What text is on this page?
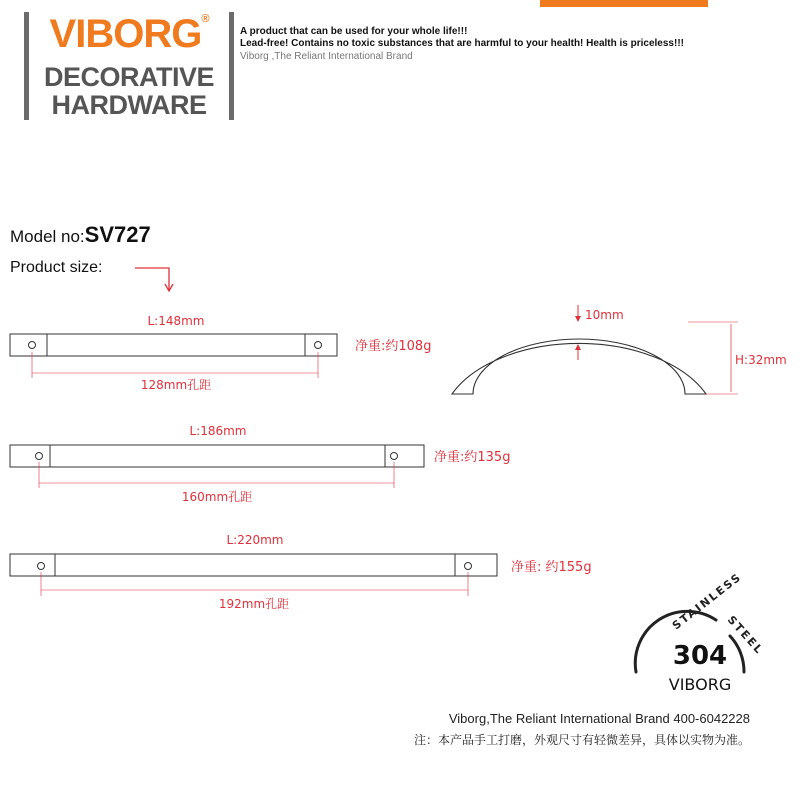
VIBORG®
DECORATIVE
HARDWARE
A product that can be used for your whole life!!!
Lead-free! Contains no toxic substances that are harmful to your health! Health is priceless!!!
Viborg ,The Reliant International Brand
Model no:SV727
Product size:
L:148mm
128mm孔距
净重:约108g
L:186mm
160mm孔距
净重:约135g
L:220mm
192mm孔距
净重: 约155g
10mm
H:32mm
STAINLESS
STEEL
304
VIBORG
Viborg,The Reliant International Brand 400-6042228
注：本产品手工打磨，外观尺寸有轻微差异，具体以实物为准。
